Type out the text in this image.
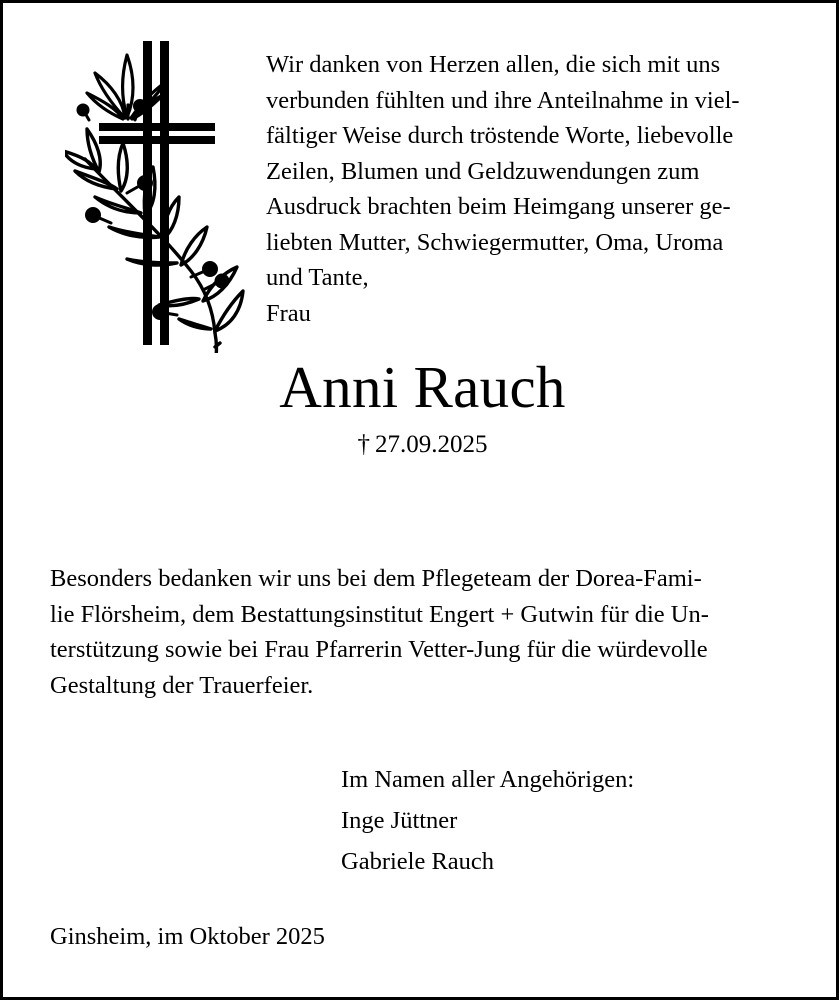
Wir danken von Herzen allen, die sich mit uns
verbunden fühlten und ihre Anteilnahme in viel-
fältiger Weise durch tröstende Worte, liebevolle
Zeilen, Blumen und Geldzuwendungen zum
Ausdruck brachten beim Heimgang unserer ge-
liebten Mutter, Schwiegermutter, Oma, Uroma
und Tante,
Frau
Anni Rauch
† 27.09.2025
Besonders bedanken wir uns bei dem Pflegeteam der Dorea-Fami-
lie Flörsheim, dem Bestattungsinstitut Engert + Gutwin für die Un-
terstützung sowie bei Frau Pfarrerin Vetter-Jung für die würdevolle
Gestaltung der Trauerfeier.
Im Namen aller Angehörigen:
Inge Jüttner
Gabriele Rauch
Ginsheim, im Oktober 2025
